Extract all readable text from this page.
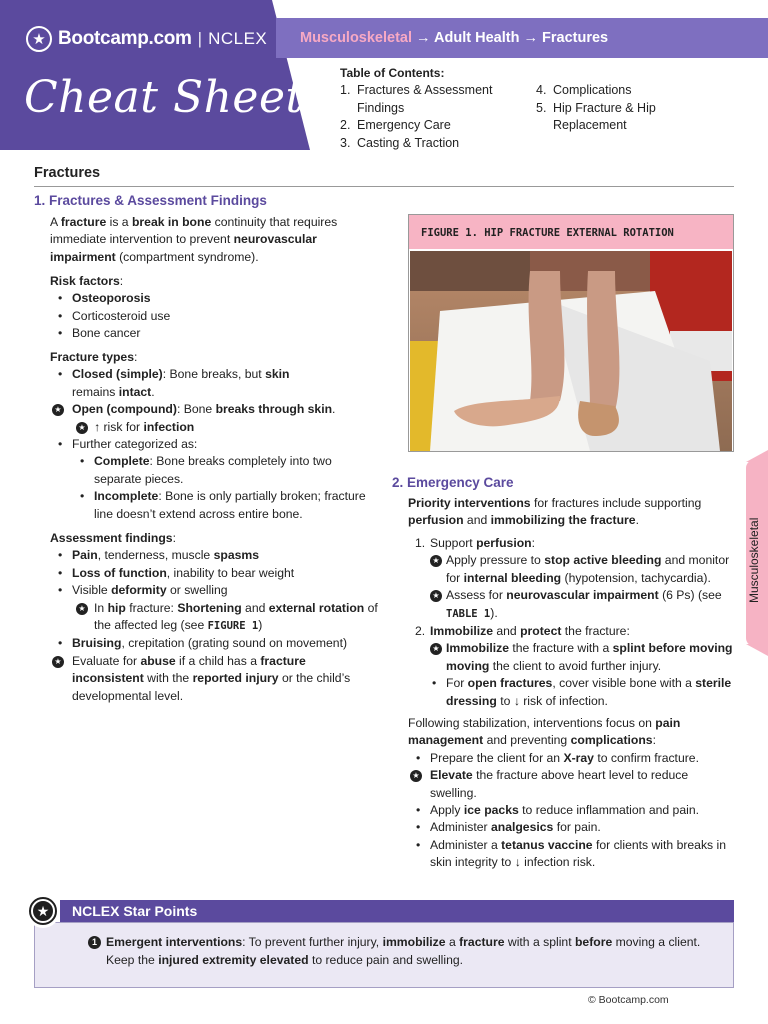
★ Bootcamp.com | NCLEX
Cheat Sheets
Musculoskeletal → Adult Health → Fractures
Table of Contents:
1. Fractures & Assessment Findings
2. Emergency Care
3. Casting & Traction
4. Complications
5. Hip Fracture & Hip Replacement
Fractures
1. Fractures & Assessment Findings
A fracture is a break in bone continuity that requires immediate intervention to prevent neurovascular impairment (compartment syndrome).
Risk factors:
• Osteoporosis
• Corticosteroid use
• Bone cancer
Fracture types:
• Closed (simple): Bone breaks, but skin
remains intact.
★ Open (compound): Bone breaks through skin.
★ ↑ risk for infection
• Further categorized as:
• Complete: Bone breaks completely into two separate pieces.
• Incomplete: Bone is only partially broken; fracture line doesn’t extend across entire bone.
Assessment findings:
• Pain, tenderness, muscle spasms
• Loss of function, inability to bear weight
• Visible deformity or swelling
★ In hip fracture: Shortening and external rotation of the affected leg (see FIGURE 1)
• Bruising, crepitation (grating sound on movement)
★ Evaluate for abuse if a child has a fracture inconsistent with the reported injury or the child’s developmental level.
FIGURE 1. HIP FRACTURE EXTERNAL ROTATION
2. Emergency Care
Priority interventions for fractures include supporting perfusion and immobilizing the fracture.
1. Support perfusion:
★ Apply pressure to stop active bleeding and monitor for internal bleeding (hypotension, tachycardia).
★ Assess for neurovascular impairment (6 Ps) (see TABLE 1).
2. Immobilize and protect the fracture:
★ Immobilize the fracture with a splint before moving
moving the client to avoid further injury.
• For open fractures, cover visible bone with a sterile dressing to ↓ risk of infection.
Following stabilization, interventions focus on pain management and preventing complications:
• Prepare the client for an X-ray to confirm fracture.
★ Elevate the fracture above heart level to reduce swelling.
• Apply ice packs to reduce inflammation and pain.
• Administer analgesics for pain.
• Administer a tetanus vaccine for clients with breaks in skin integrity to ↓ infection risk.
Musculoskeletal
NCLEX Star Points
★
1 Emergent interventions: To prevent further injury, immobilize a fracture with a splint before moving a client. Keep the injured extremity elevated to reduce pain and swelling.
© Bootcamp.com
